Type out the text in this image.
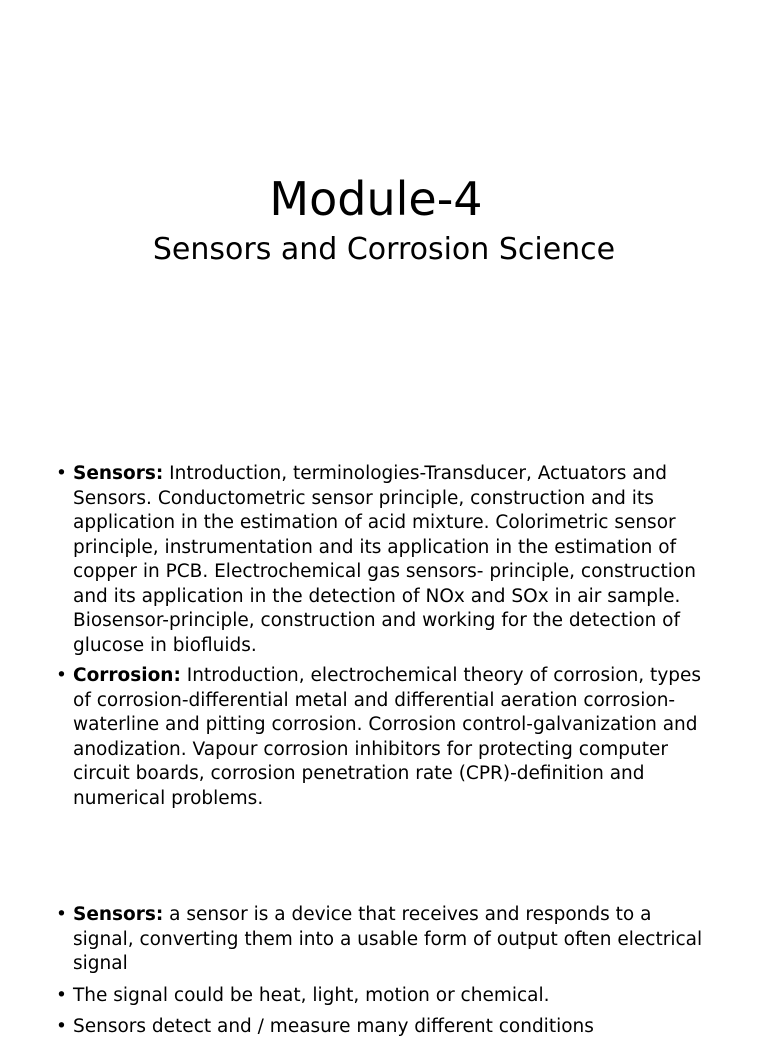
Module-4
Sensors and Corrosion Science
• Sensors: Introduction, terminologies-Transducer, Actuators and Sensors. Conductometric sensor principle, construction and its application in the estimation of acid mixture. Colorimetric sensor principle, instrumentation and its application in the estimation of copper in PCB. Electrochemical gas sensors- principle, construction and its application in the detection of NOx and SOx in air sample. Biosensor-principle, construction and working for the detection of glucose in biofluids.
• Corrosion: Introduction, electrochemical theory of corrosion, types of corrosion-differential metal and differential aeration corrosion-waterline and pitting corrosion. Corrosion control-galvanization and anodization. Vapour corrosion inhibitors for protecting computer circuit boards, corrosion penetration rate (CPR)-definition and numerical problems.
• Sensors: a sensor is a device that receives and responds to a signal, converting them into a usable form of output often electrical signal
• The signal could be heat, light, motion or chemical.
• Sensors detect and / measure many different conditions
